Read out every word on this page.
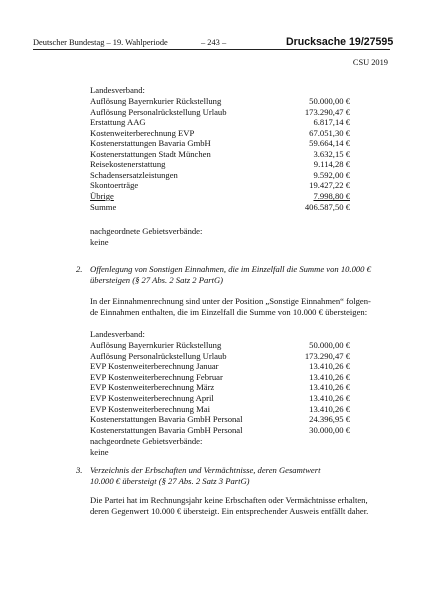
Deutscher Bundestag – 19. Wahlperiode	– 243 –	Drucksache 19/27595
CSU 2019
Landesverband:
Auflösung Bayernkurier Rückstellung	50.000,00 €
Auflösung Personalrückstellung Urlaub	173.290,47 €
Erstattung AAG	6.817,14 €
Kostenweiterberechnung EVP	67.051,30 €
Kostenerstattungen Bavaria GmbH	59.664,14 €
Kostenerstattungen Stadt München	3.632,15 €
Reisekostenerstattung	9.114,28 €
Schadensersatzleistungen	9.592,00 €
Skontoerträge	19.427,22 €
Übrige	7.998,80 €
Summe	406.587,50 €
nachgeordnete Gebietsverbände:
keine
2. Offenlegung von Sonstigen Einnahmen, die im Einzelfall die Summe von 10.000 €
übersteigen (§ 27 Abs. 2 Satz 2 PartG)
In der Einnahmenrechnung sind unter der Position „Sonstige Einnahmen“ folgen-
de Einnahmen enthalten, die im Einzelfall die Summe von 10.000 € übersteigen:
Landesverband:
Auflösung Bayernkurier Rückstellung	50.000,00 €
Auflösung Personalrückstellung Urlaub	173.290,47 €
EVP Kostenweiterberechnung Januar	13.410,26 €
EVP Kostenweiterberechnung Februar	13.410,26 €
EVP Kostenweiterberechnung März	13.410,26 €
EVP Kostenweiterberechnung April	13.410,26 €
EVP Kostenweiterberechnung Mai	13.410,26 €
Kostenerstattungen Bavaria GmbH Personal	24.396,95 €
Kostenerstattungen Bavaria GmbH Personal	30.000,00 €
nachgeordnete Gebietsverbände:
keine
3. Verzeichnis der Erbschaften und Vermächtnisse, deren Gesamtwert
10.000 € übersteigt (§ 27 Abs. 2 Satz 3 PartG)
Die Partei hat im Rechnungsjahr keine Erbschaften oder Vermächtnisse erhalten,
deren Gegenwert 10.000 € übersteigt. Ein entsprechender Ausweis entfällt daher.
